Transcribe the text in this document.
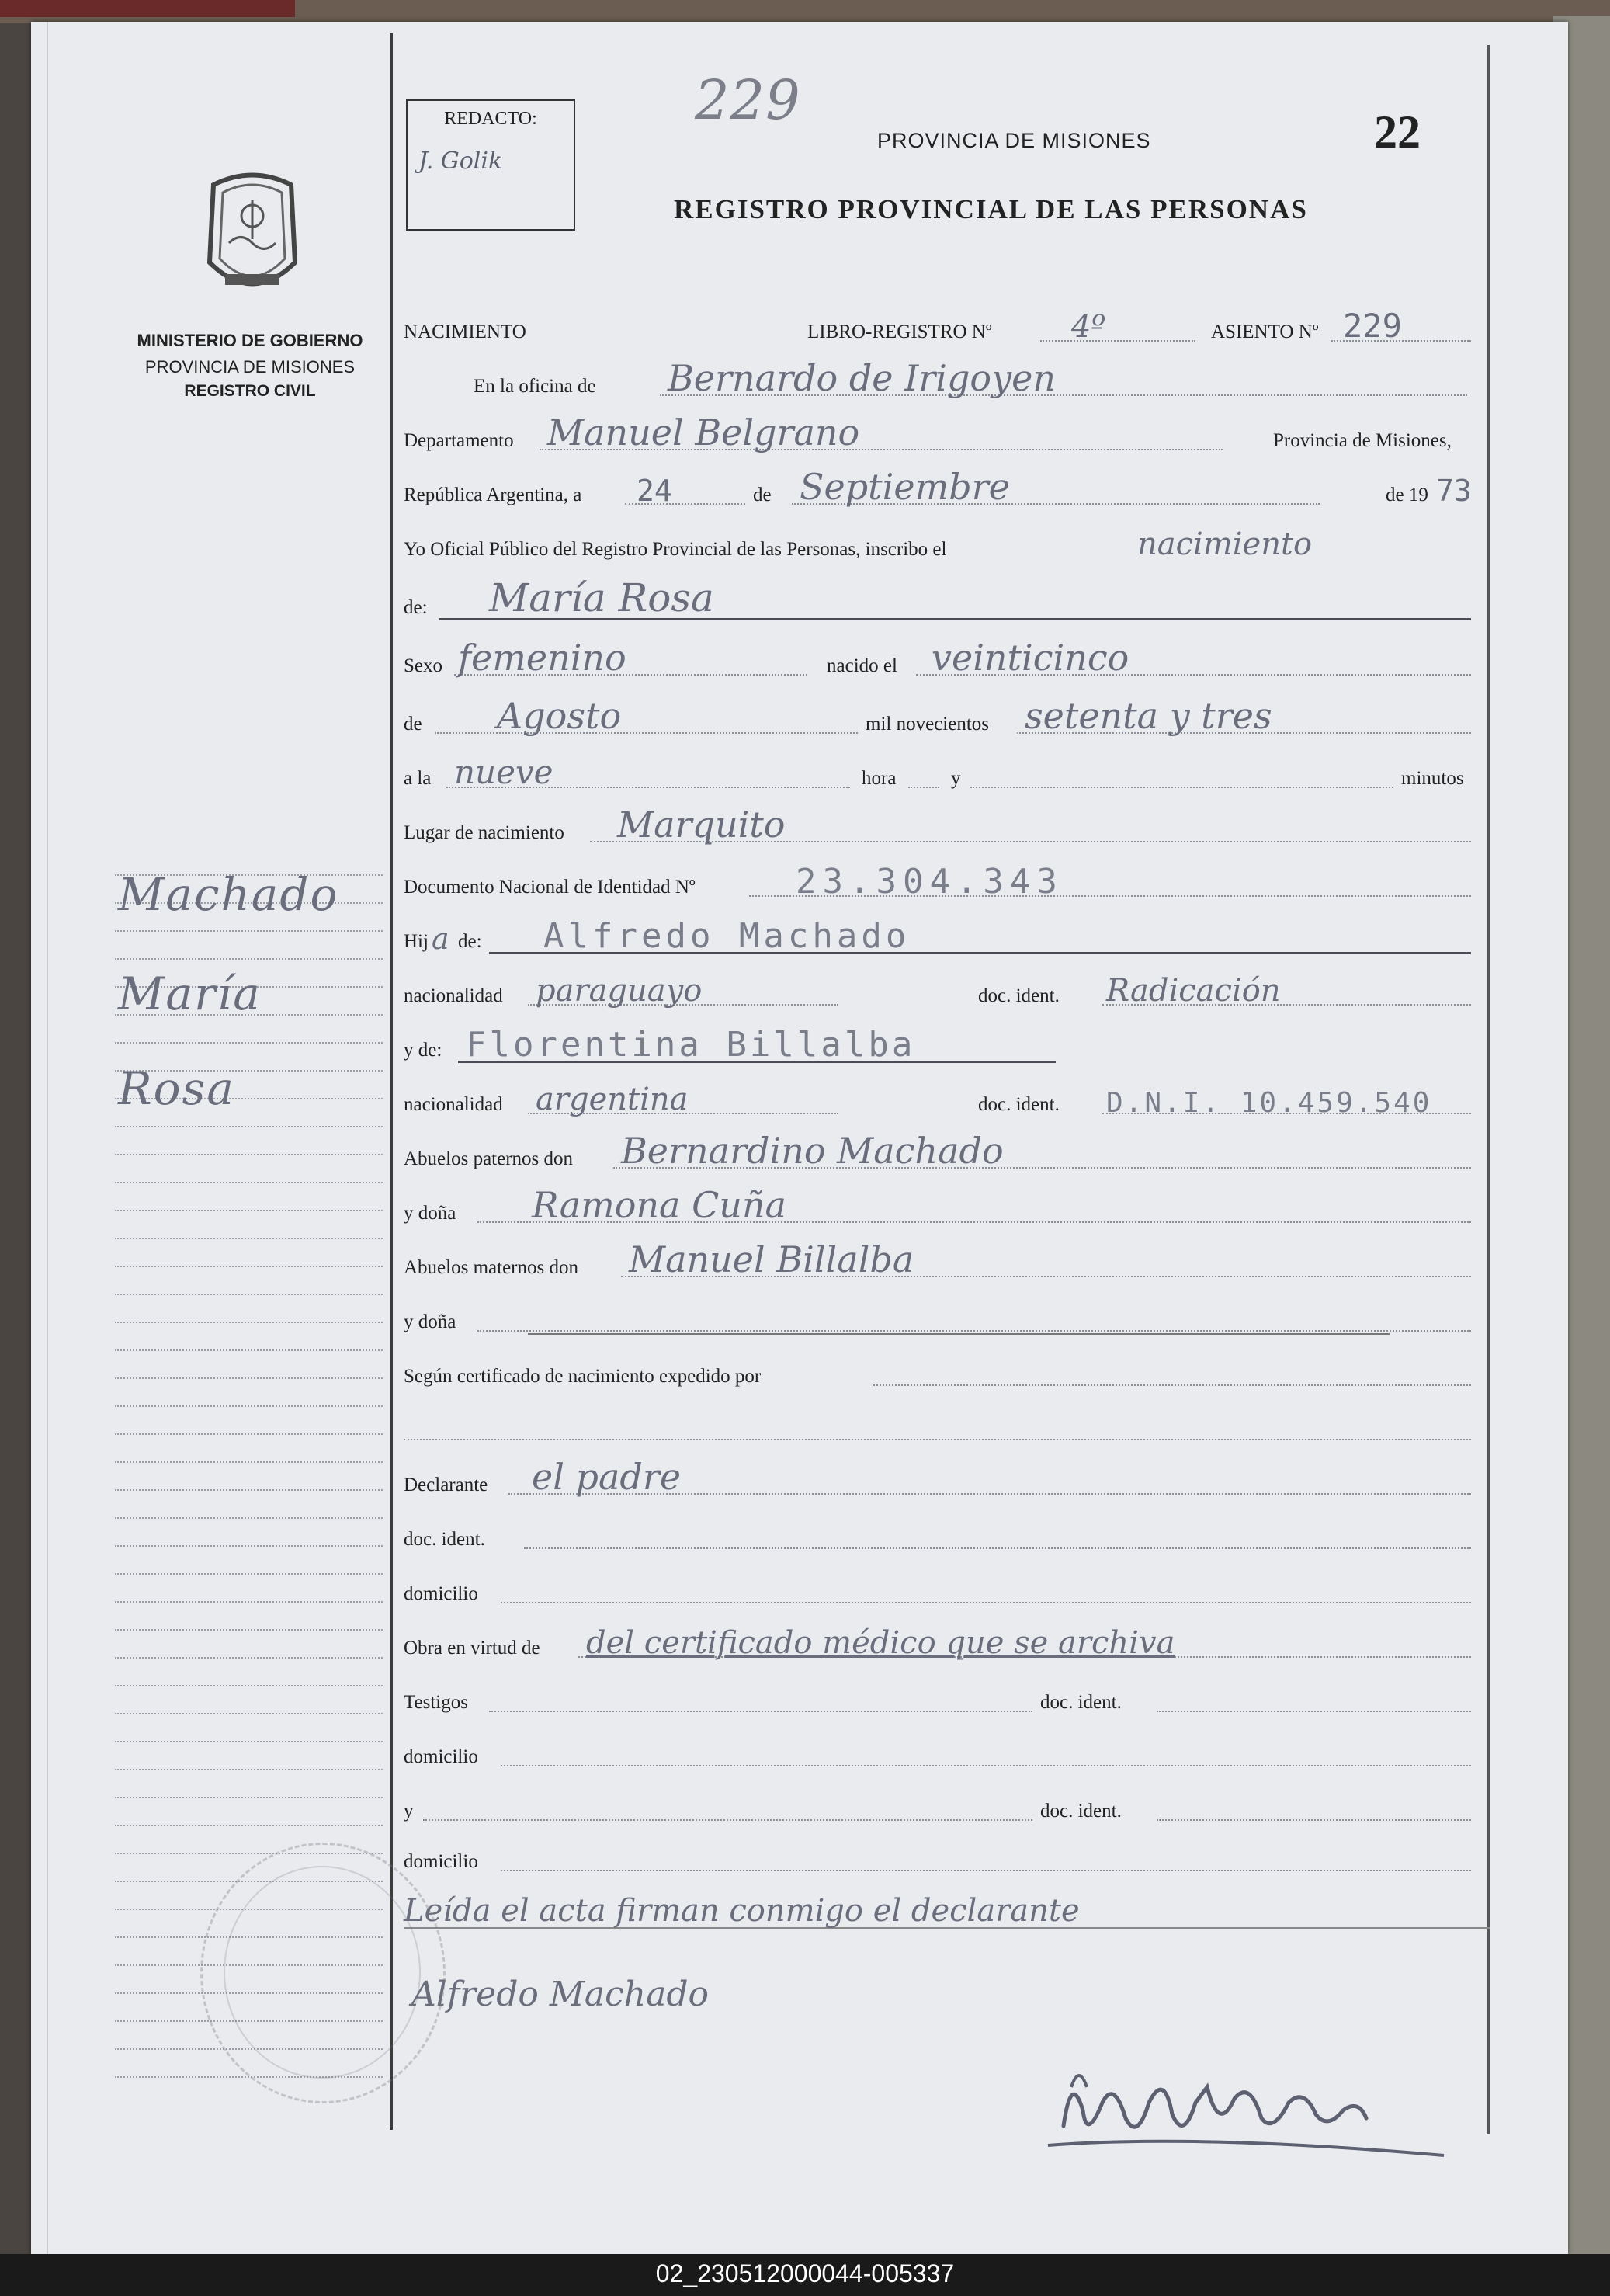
REDACTO:
J. Golik
229
PROVINCIA DE MISIONES	22
REGISTRO PROVINCIAL DE LAS PERSONAS
MINISTERIO DE GOBIERNO
PROVINCIA DE MISIONES
REGISTRO CIVIL
Machado
María
Rosa
NACIMIENTO	LIBRO-REGISTRO Nº	4º	ASIENTO Nº 229
En la oficina de Bernardo de Irigoyen
Departamento Manuel Belgrano	Provincia de Misiones,
República Argentina, a 24	de Septiembre	de 19 73
Yo Oficial Público del Registro Provincial de las Personas, inscribo el	nacimiento
de: María Rosa
Sexo femenino	nacido el veinticinco
de Agosto	mil novecientos setenta y tres
a la nueve	hora	y	minutos
Lugar de nacimiento Marquito
Documento Nacional de Identidad Nº	23.304.343
Hij a de: Alfredo Machado
nacionalidad paraguayo	doc. ident. Radicación
y de: Florentina Billalba
nacionalidad argentina	doc. ident. D.N.I. 10.459.540
Abuelos paternos don Bernardino Machado
y doña Ramona Cuña
Abuelos maternos don Manuel Billalba
y doña
Según certificado de nacimiento expedido por
Declarante el padre
doc. ident.
domicilio
Obra en virtud de del certificado médico que se archiva
Testigos	doc. ident.
domicilio
y	doc. ident.
domicilio
Leída el acta firman conmigo el declarante
Alfredo Machado
02_230512000044-005337
